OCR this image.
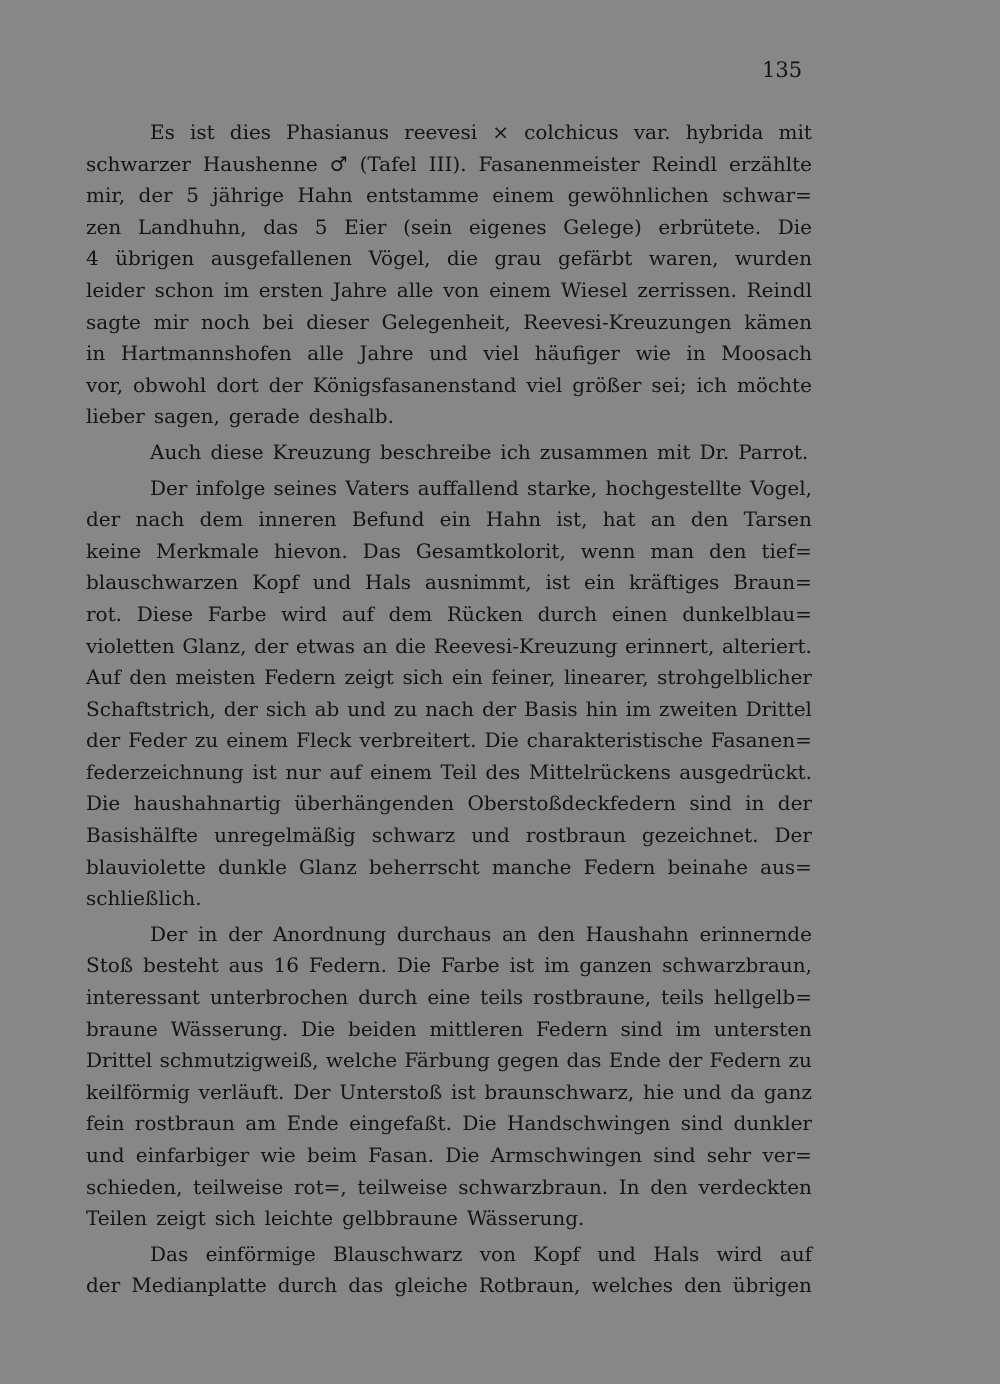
135
Es ist dies Phasianus reevesi × colchicus var. hybrida mit
schwarzer Haushenne ♂ (Tafel III). Fasanenmeister Reindl erzählte
mir, der 5 jährige Hahn entstamme einem gewöhnlichen schwar=
zen Landhuhn, das 5 Eier (sein eigenes Gelege) erbrütete. Die
4 übrigen ausgefallenen Vögel, die grau gefärbt waren, wurden
leider schon im ersten Jahre alle von einem Wiesel zerrissen. Reindl
sagte mir noch bei dieser Gelegenheit, Reevesi-Kreuzungen kämen
in Hartmannshofen alle Jahre und viel häufiger wie in Moosach
vor, obwohl dort der Königsfasanenstand viel größer sei; ich möchte
lieber sagen, gerade deshalb.
Auch diese Kreuzung beschreibe ich zusammen mit Dr. Parrot.
Der infolge seines Vaters auffallend starke, hochgestellte Vogel,
der nach dem inneren Befund ein Hahn ist, hat an den Tarsen
keine Merkmale hievon. Das Gesamtkolorit, wenn man den tief=
blauschwarzen Kopf und Hals ausnimmt, ist ein kräftiges Braun=
rot. Diese Farbe wird auf dem Rücken durch einen dunkelblau=
violetten Glanz, der etwas an die Reevesi-Kreuzung erinnert, alteriert.
Auf den meisten Federn zeigt sich ein feiner, linearer, strohgelblicher
Schaftstrich, der sich ab und zu nach der Basis hin im zweiten Drittel
der Feder zu einem Fleck verbreitert. Die charakteristische Fasanen=
federzeichnung ist nur auf einem Teil des Mittelrückens ausgedrückt.
Die haushahnartig überhängenden Oberstoßdeckfedern sind in der
Basishälfte unregelmäßig schwarz und rostbraun gezeichnet. Der
blauviolette dunkle Glanz beherrscht manche Federn beinahe aus=
schließlich.
Der in der Anordnung durchaus an den Haushahn erinnernde
Stoß besteht aus 16 Federn. Die Farbe ist im ganzen schwarzbraun,
interessant unterbrochen durch eine teils rostbraune, teils hellgelb=
braune Wässerung. Die beiden mittleren Federn sind im untersten
Drittel schmutzigweiß, welche Färbung gegen das Ende der Federn zu
keilförmig verläuft. Der Unterstoß ist braunschwarz, hie und da ganz
fein rostbraun am Ende eingefaßt. Die Handschwingen sind dunkler
und einfarbiger wie beim Fasan. Die Armschwingen sind sehr ver=
schieden, teilweise rot=, teilweise schwarzbraun. In den verdeckten
Teilen zeigt sich leichte gelbbraune Wässerung.
Das einförmige Blauschwarz von Kopf und Hals wird auf
der Medianplatte durch das gleiche Rotbraun, welches den übrigen
